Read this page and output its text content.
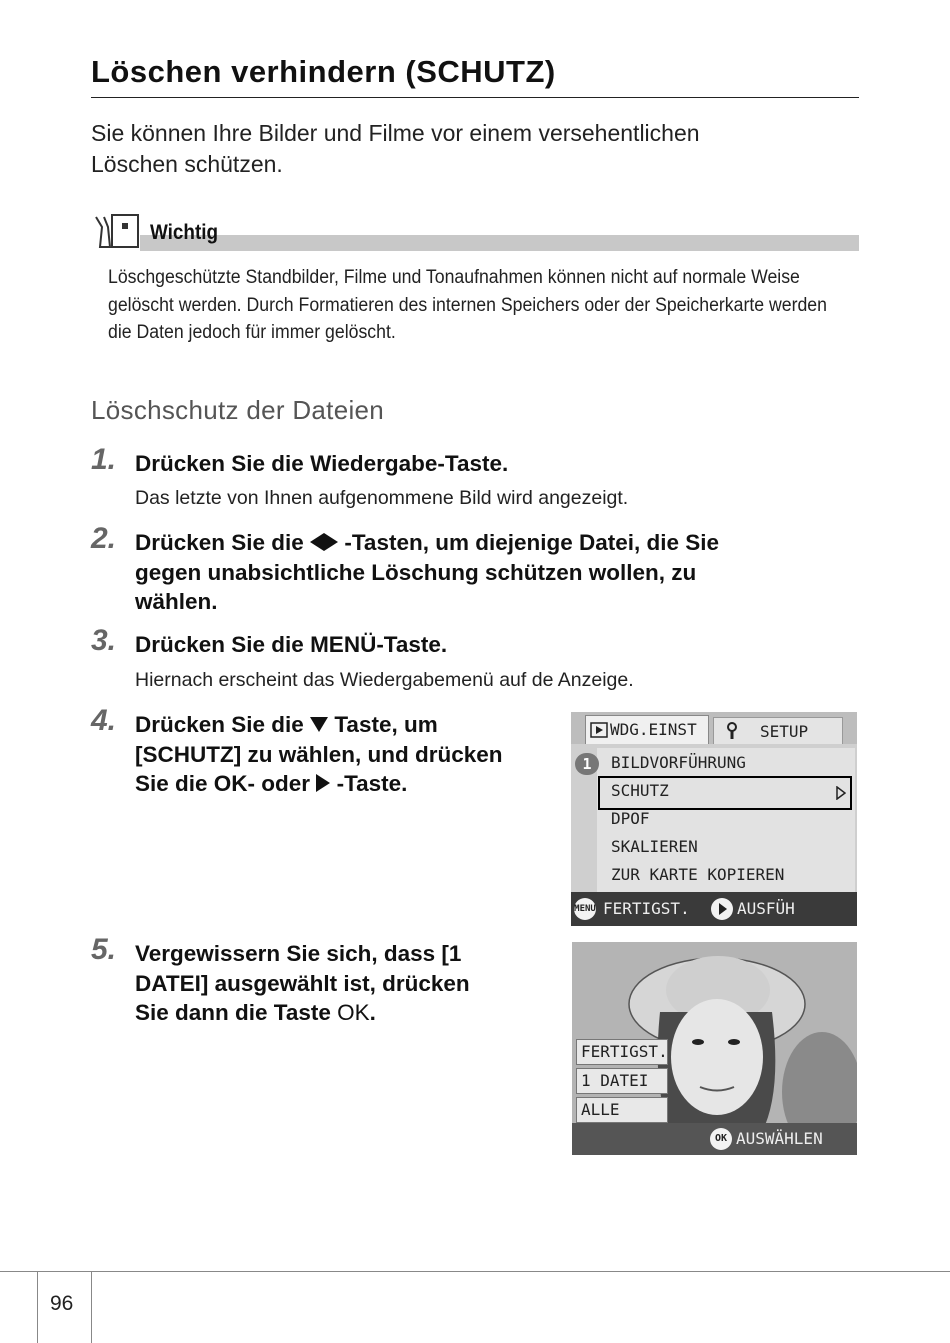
Löschen verhindern (SCHUTZ)
Sie können Ihre Bilder und Filme vor einem versehentlichen
Löschen schützen.
Wichtig
Löschgeschützte Standbilder, Filme und Tonaufnahmen können nicht auf normale Weise
gelöscht werden. Durch Formatieren des internen Speichers oder der Speicherkarte werden
die Daten jedoch für immer gelöscht.
Löschschutz der Dateien
1. Drücken Sie die Wiedergabe-Taste.
Das letzte von Ihnen aufgenommene Bild wird angezeigt.
2. Drücken Sie die -Tasten, um diejenige Datei, die Sie
gegen unabsichtliche Löschung schützen wollen, zu
wählen.
3. Drücken Sie die MENÜ-Taste.
Hiernach erscheint das Wiedergabemenü auf de Anzeige.
4. Drücken Sie die Taste, um
[SCHUTZ] zu wählen, und drücken
Sie die OK- oder -Taste.
WDG.EINST	SETUP
1	BILDVORFÜHRUNG
SCHUTZ
DPOF
SKALIEREN
ZUR KARTE KOPIEREN
MENU FERTIGST.	AUSFÜH
5. Vergewissern Sie sich, dass [1
DATEI] ausgewählt ist, drücken
Sie dann die Taste OK.
FERTIGST.
1 DATEI
ALLE
OK AUSWÄHLEN
96
